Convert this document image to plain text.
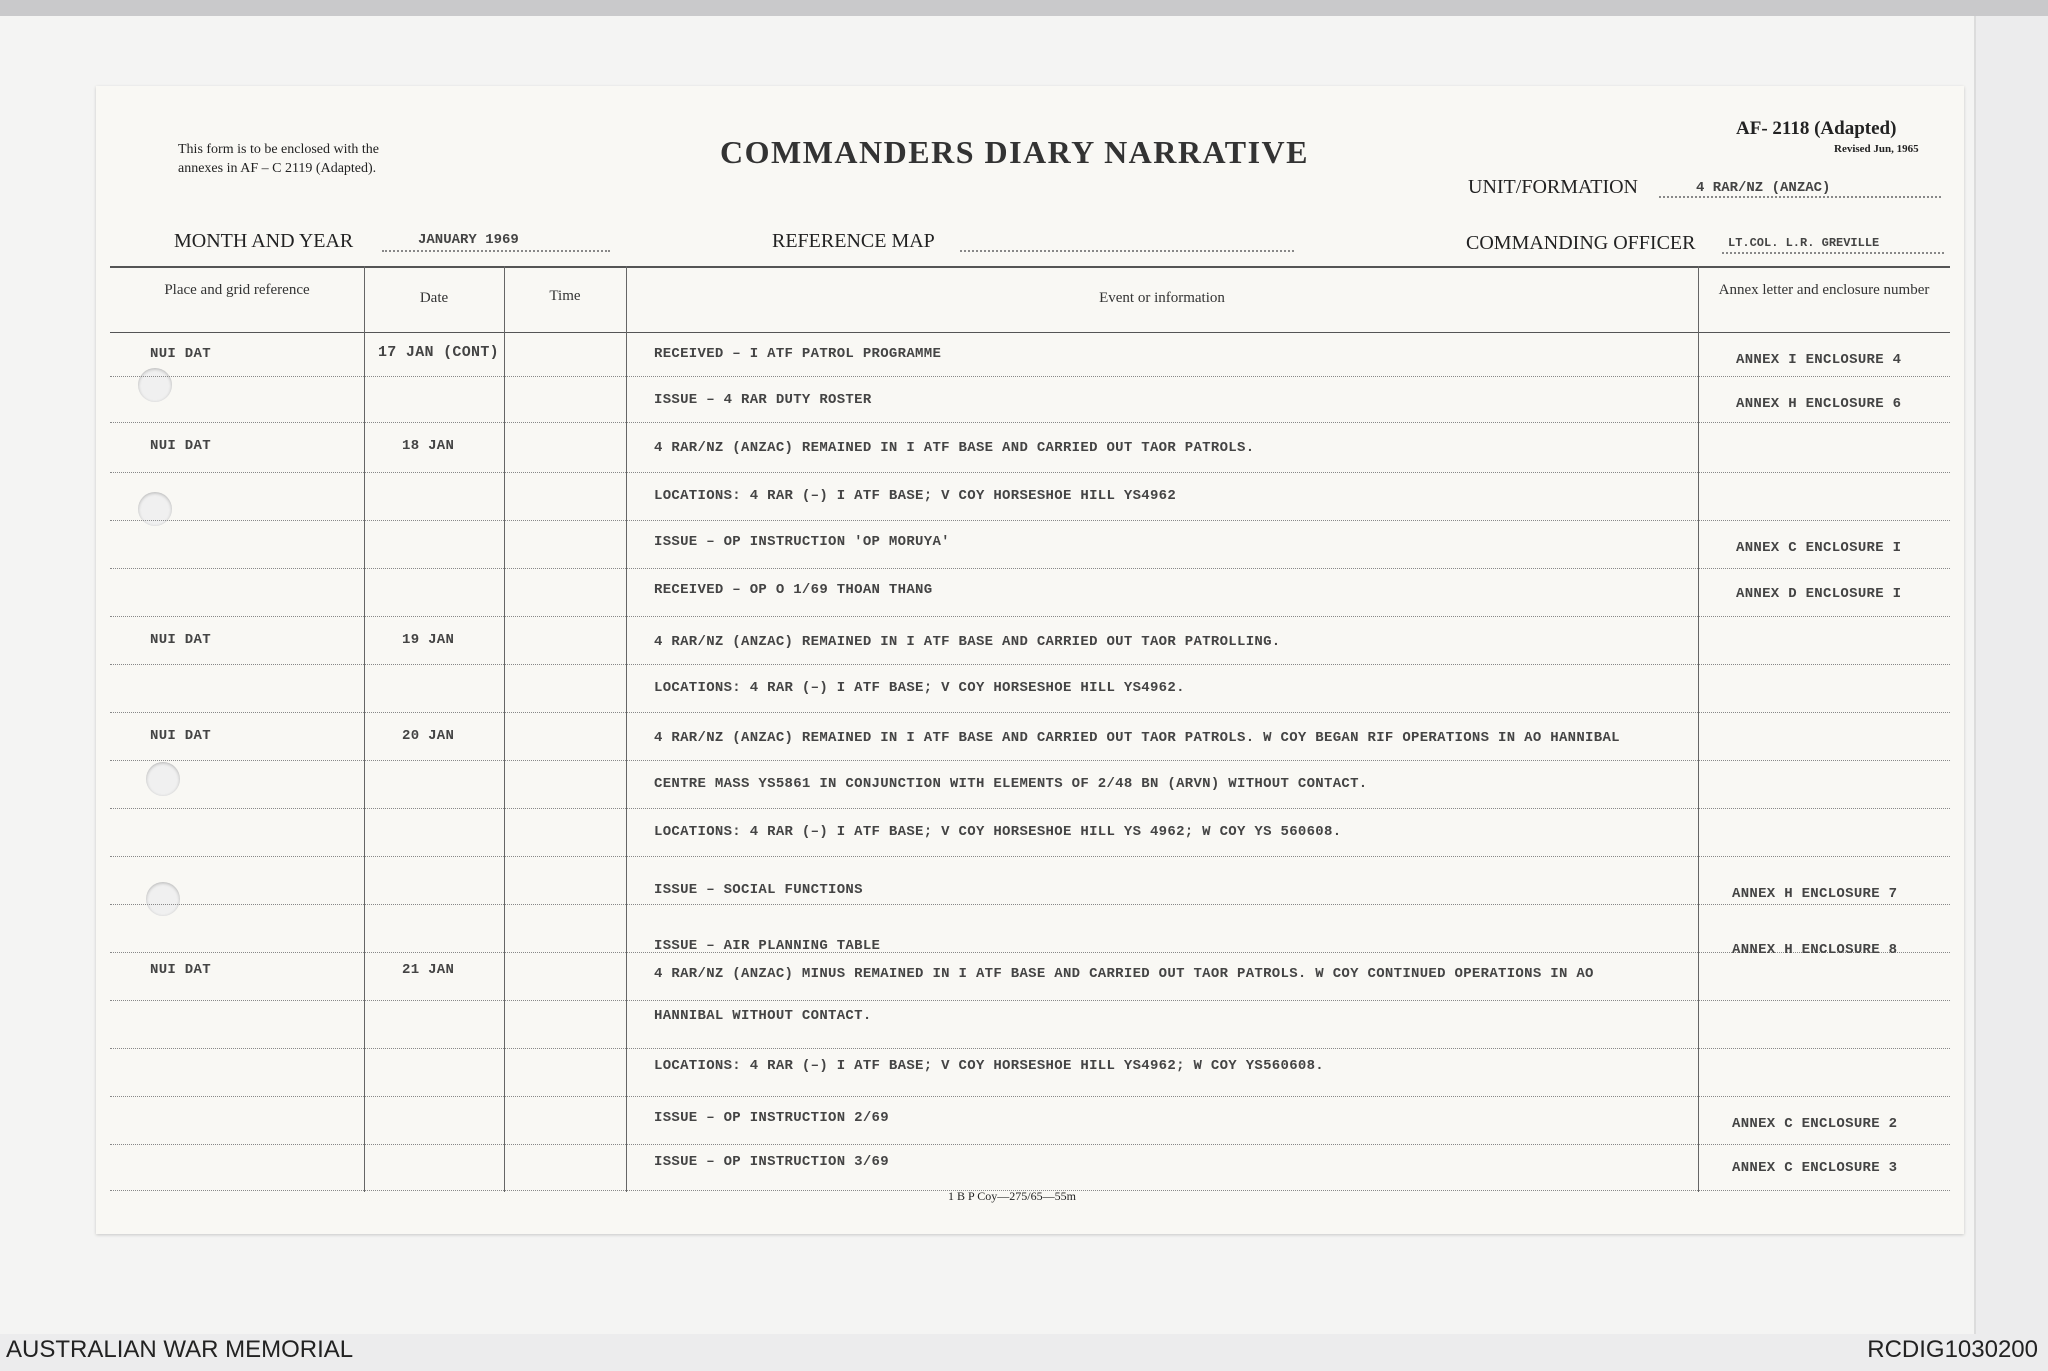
This form is to be enclosed with the
annexes in AF – C 2119 (Adapted).	COMMANDERS DIARY NARRATIVE
AF- 2118 (Adapted)
Revised Jun, 1965
UNIT/FORMATION	4 RAR/NZ (ANZAC)
MONTH AND YEAR	JANUARY 1969	REFERENCE MAP	COMMANDING OFFICER	LT.COL. L.R. GREVILLE
Place and grid reference	Date	Time	Event or information	Annex letter and enclosure number
NUI DAT	17 JAN (CONT)	RECEIVED – I ATF PATROL PROGRAMME	ANNEX I ENCLOSURE 4
ISSUE – 4 RAR DUTY ROSTER	ANNEX H ENCLOSURE 6
NUI DAT	18 JAN	4 RAR/NZ (ANZAC) REMAINED IN I ATF BASE AND CARRIED OUT TAOR PATROLS.
LOCATIONS: 4 RAR (–) I ATF BASE; V COY HORSESHOE HILL YS4962
ISSUE – OP INSTRUCTION 'OP MORUYA'	ANNEX C ENCLOSURE I
RECEIVED – OP O 1/69 THOAN THANG	ANNEX D ENCLOSURE I
NUI DAT	19 JAN	4 RAR/NZ (ANZAC) REMAINED IN I ATF BASE AND CARRIED OUT TAOR PATROLLING.
LOCATIONS: 4 RAR (–) I ATF BASE; V COY HORSESHOE HILL YS4962.
NUI DAT	20 JAN	4 RAR/NZ (ANZAC) REMAINED IN I ATF BASE AND CARRIED OUT TAOR PATROLS. W COY BEGAN RIF OPERATIONS IN AO HANNIBAL
CENTRE MASS YS5861 IN CONJUNCTION WITH ELEMENTS OF 2/48 BN (ARVN) WITHOUT CONTACT.
LOCATIONS: 4 RAR (–) I ATF BASE; V COY HORSESHOE HILL YS 4962; W COY YS 560608.
ISSUE – SOCIAL FUNCTIONS	ANNEX H ENCLOSURE 7
ISSUE – AIR PLANNING TABLE	ANNEX H ENCLOSURE 8
NUI DAT	21 JAN	4 RAR/NZ (ANZAC) MINUS REMAINED IN I ATF BASE AND CARRIED OUT TAOR PATROLS. W COY CONTINUED OPERATIONS IN AO
HANNIBAL WITHOUT CONTACT.
LOCATIONS: 4 RAR (–) I ATF BASE; V COY HORSESHOE HILL YS4962; W COY YS560608.
ISSUE – OP INSTRUCTION 2/69	ANNEX C ENCLOSURE 2
ISSUE – OP INSTRUCTION 3/69	ANNEX C ENCLOSURE 3
1 B P Coy—275/65—55m
AUSTRALIAN WAR MEMORIAL	RCDIG1030200
